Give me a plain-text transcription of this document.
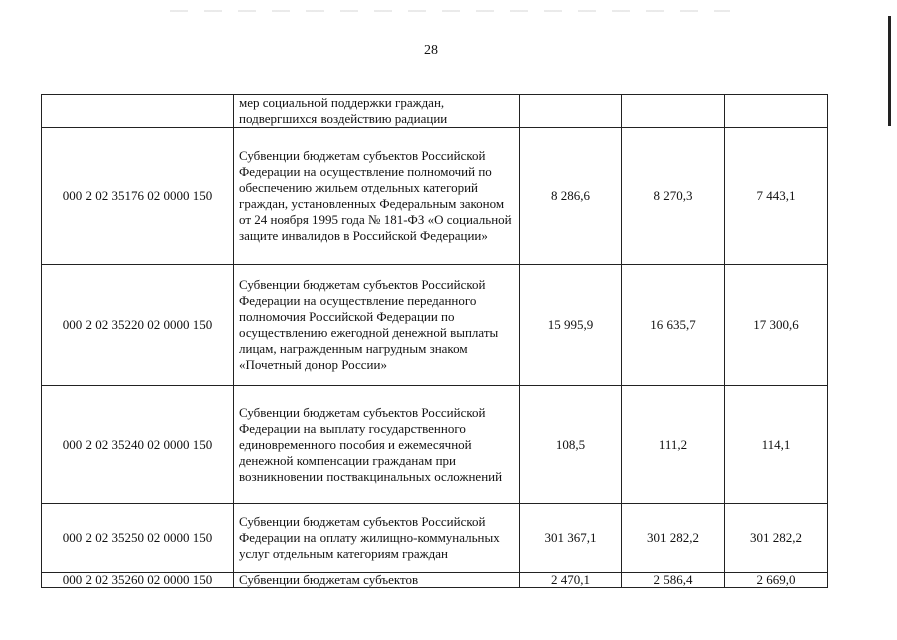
28
	мер социальной поддержки граждан, подвергшихся воздействию радиации			
000 2 02 35176 02 0000 150	Субвенции бюджетам субъектов Российской Федерации на осуществление полномочий по обеспечению жильем отдельных категорий граждан, установленных Федеральным законом от 24 ноября 1995 года № 181-ФЗ «О социальной защите инвалидов в Российской Федерации»	8 286,6	8 270,3	7 443,1
000 2 02 35220 02 0000 150	Субвенции бюджетам субъектов Российской Федерации на осуществление переданного полномочия Российской Федерации по осуществлению ежегодной денежной выплаты лицам, награжденным нагрудным знаком «Почетный донор России»	15 995,9	16 635,7	17 300,6
000 2 02 35240 02 0000 150	Субвенции бюджетам субъектов Российской Федерации на выплату государственного единовременного пособия и ежемесячной денежной компенсации гражданам при возникновении поствакцинальных осложнений	108,5	111,2	114,1
000 2 02 35250 02 0000 150	Субвенции бюджетам субъектов Российской Федерации на оплату жилищно-коммунальных услуг отдельным категориям граждан	301 367,1	301 282,2	301 282,2
000 2 02 35260 02 0000 150	Субвенции бюджетам субъектов	2 470,1	2 586,4	2 669,0
